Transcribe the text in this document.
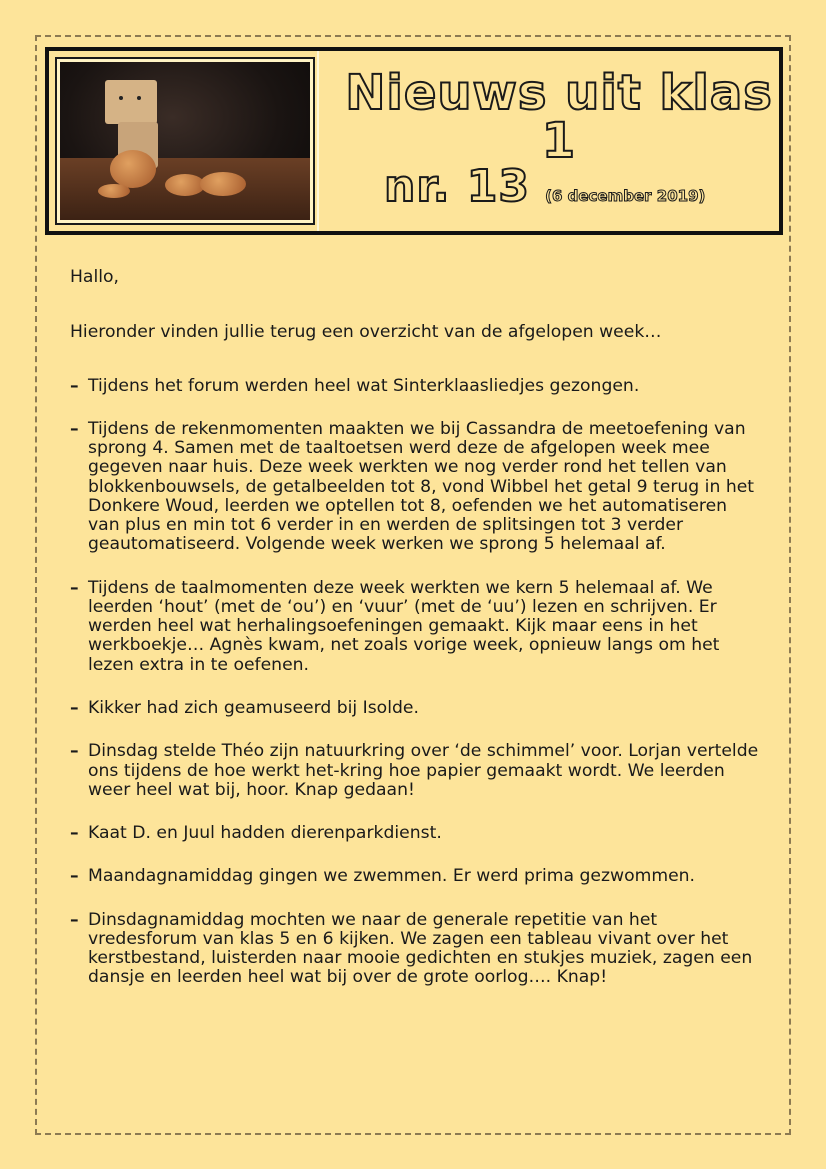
Nieuws uit klas 1
nr. 13 (6 december 2019)

Hallo,

Hieronder vinden jullie terug een overzicht van de afgelopen week…

– Tijdens het forum werden heel wat Sinterklaasliedjes gezongen.
– Tijdens de rekenmomenten maakten we bij Cassandra de meetoefening van sprong 4. Samen met de taaltoetsen werd deze de afgelopen week mee gegeven naar huis. Deze week werkten we nog verder rond het tellen van blokkenbouwsels, de getalbeelden tot 8, vond Wibbel het getal 9 terug in het Donkere Woud, leerden we optellen tot 8, oefenden we het automatiseren van plus en min tot 6 verder in en werden de splitsingen tot 3 verder geautomatiseerd. Volgende week werken we sprong 5 helemaal af.
– Tijdens de taalmomenten deze week werkten we kern 5 helemaal af. We leerden ‘hout’ (met de ‘ou’) en ‘vuur’ (met de ‘uu’) lezen en schrijven. Er werden heel wat herhalingsoefeningen gemaakt. Kijk maar eens in het werkboekje… Agnès kwam, net zoals vorige week, opnieuw langs om het lezen extra in te oefenen.
– Kikker had zich geamuseerd bij Isolde.
– Dinsdag stelde Théo zijn natuurkring over ‘de schimmel’ voor. Lorjan vertelde ons tijdens de hoe werkt het-kring hoe papier gemaakt wordt. We leerden weer heel wat bij, hoor. Knap gedaan!
– Kaat D. en Juul hadden dierenparkdienst.
– Maandagnamiddag gingen we zwemmen. Er werd prima gezwommen.
– Dinsdagnamiddag mochten we naar de generale repetitie van het vredesforum van klas 5 en 6 kijken. We zagen een tableau vivant over het kerstbestand, luisterden naar mooie gedichten en stukjes muziek, zagen een dansje en leerden heel wat bij over de grote oorlog…. Knap!
